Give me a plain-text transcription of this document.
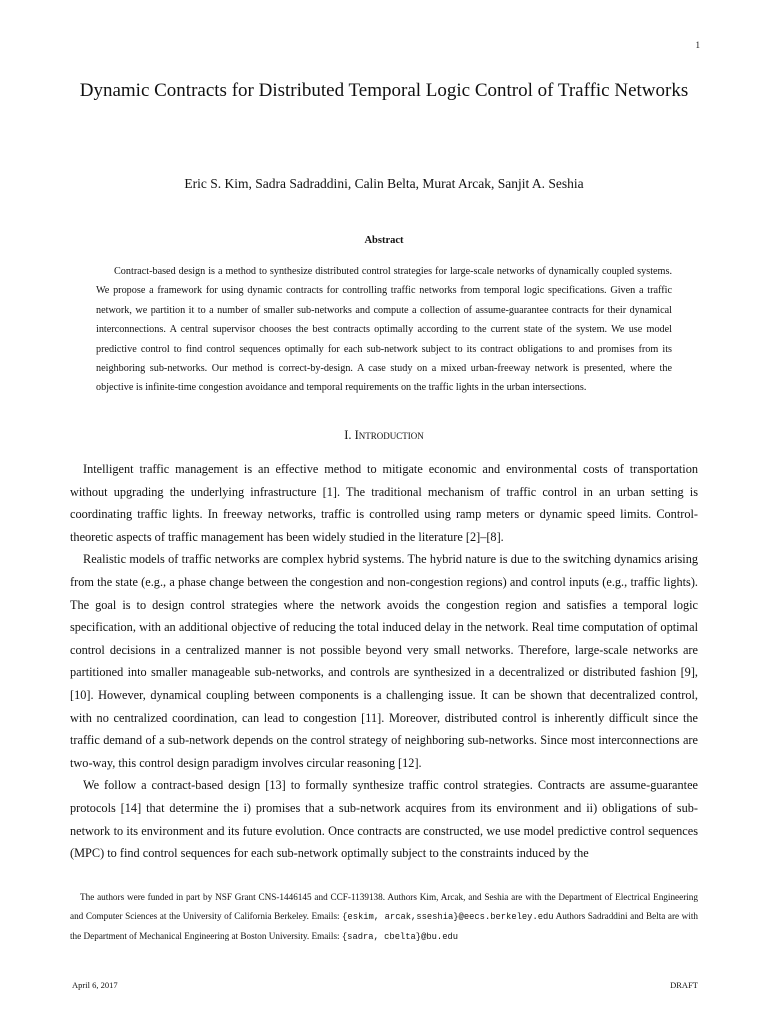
1
Dynamic Contracts for Distributed Temporal Logic Control of Traffic Networks
Eric S. Kim, Sadra Sadraddini, Calin Belta, Murat Arcak, Sanjit A. Seshia
Abstract
Contract-based design is a method to synthesize distributed control strategies for large-scale networks of dynamically coupled systems. We propose a framework for using dynamic contracts for controlling traffic networks from temporal logic specifications. Given a traffic network, we partition it to a number of smaller sub-networks and compute a collection of assume-guarantee contracts for their dynamical interconnections. A central supervisor chooses the best contracts optimally according to the current state of the system. We use model predictive control to find control sequences optimally for each sub-network subject to its contract obligations to and promises from its neighboring sub-networks. Our method is correct-by-design. A case study on a mixed urban-freeway network is presented, where the objective is infinite-time congestion avoidance and temporal requirements on the traffic lights in the urban intersections.
I. Introduction

Intelligent traffic management is an effective method to mitigate economic and environmental costs of transportation without upgrading the underlying infrastructure [1]. The traditional mechanism of traffic control in an urban setting is coordinating traffic lights. In freeway networks, traffic is controlled using ramp meters or dynamic speed limits. Control-theoretic aspects of traffic management has been widely studied in the literature [2]–[8].

Realistic models of traffic networks are complex hybrid systems. The hybrid nature is due to the switching dynamics arising from the state (e.g., a phase change between the congestion and non-congestion regions) and control inputs (e.g., traffic lights). The goal is to design control strategies where the network avoids the congestion region and satisfies a temporal logic specification, with an additional objective of reducing the total induced delay in the network. Real time computation of optimal control decisions in a centralized manner is not possible beyond very small networks. Therefore, large-scale networks are partitioned into smaller manageable sub-networks, and controls are synthesized in a decentralized or distributed fashion [9], [10]. However, dynamical coupling between components is a challenging issue. It can be shown that decentralized control, with no centralized coordination, can lead to congestion [11]. Moreover, distributed control is inherently difficult since the traffic demand of a sub-network depends on the control strategy of neighboring sub-networks. Since most interconnections are two-way, this control design paradigm involves circular reasoning [12].

We follow a contract-based design [13] to formally synthesize traffic control strategies. Contracts are assume-guarantee protocols [14] that determine the i) promises that a sub-network acquires from its environment and ii) obligations of sub-network to its environment and its future evolution. Once contracts are constructed, we use model predictive control sequences (MPC) to find control sequences for each sub-network optimally subject to the constraints induced by the

The authors were funded in part by NSF Grant CNS-1446145 and CCF-1139138. Authors Kim, Arcak, and Seshia are with the Department of Electrical Engineering and Computer Sciences at the University of California Berkeley. Emails: {eskim, arcak,sseshia}@eecs.berkeley.edu Authors Sadraddini and Belta are with the Department of Mechanical Engineering at Boston University. Emails: {sadra, cbelta}@bu.edu
April 6, 2017	DRAFT
